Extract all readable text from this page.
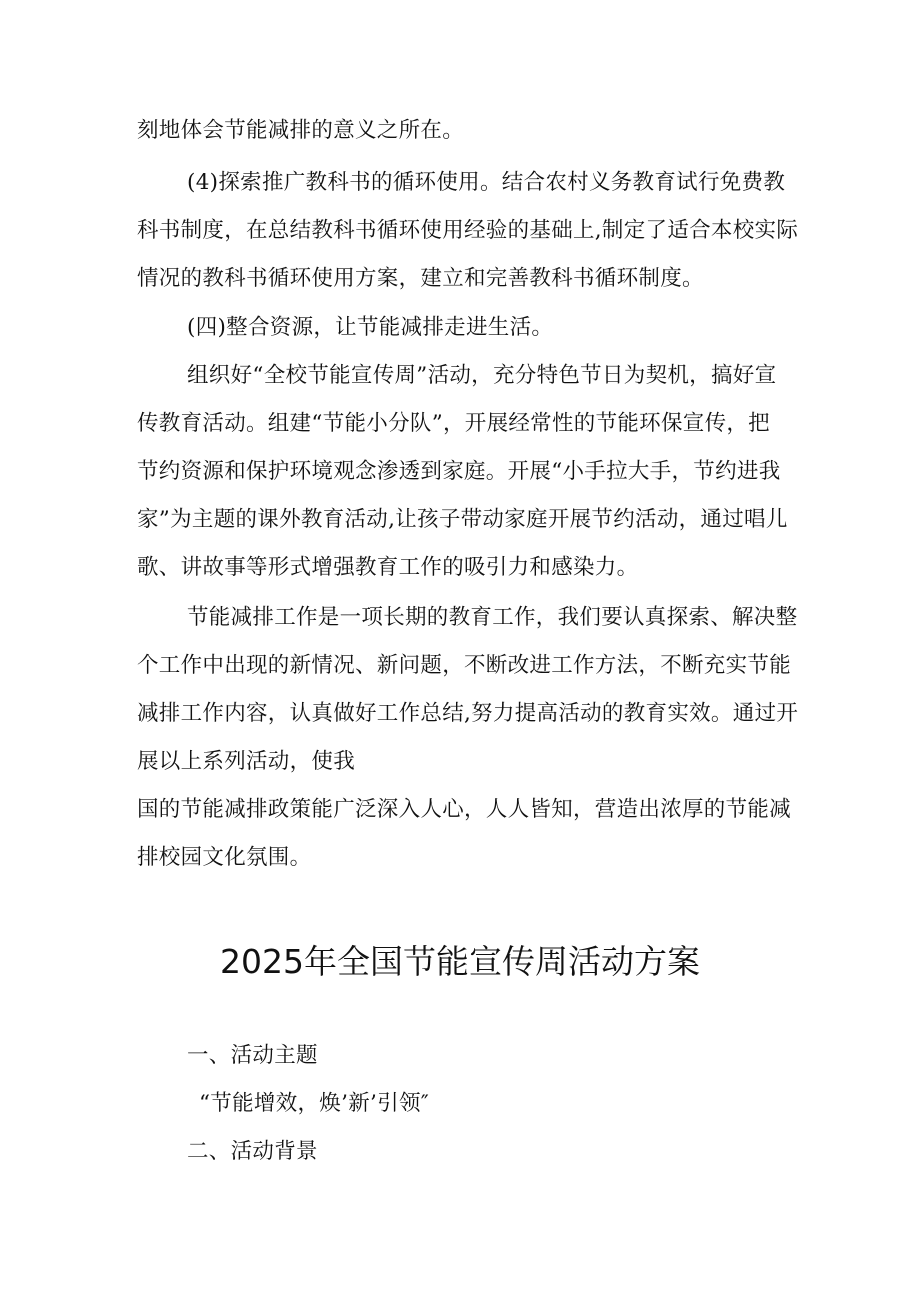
刻地体会节能减排的意义之所在。
(4)探索推广教科书的循环使用。结合农村义务教育试行免费教
科书制度，在总结教科书循环使用经验的基础上,制定了适合本校实际
情况的教科书循环使用方案，建立和完善教科书循环制度。
(四)整合资源，让节能减排走进生活。
组织好“全校节能宣传周”活动，充分特色节日为契机，搞好宣
传教育活动。组建“节能小分队”，开展经常性的节能环保宣传，把
节约资源和保护环境观念渗透到家庭。开展“小手拉大手，节约进我
家”为主题的课外教育活动,让孩子带动家庭开展节约活动，通过唱儿
歌、讲故事等形式增强教育工作的吸引力和感染力。
节能减排工作是一项长期的教育工作，我们要认真探索、解决整
个工作中出现的新情况、新问题，不断改进工作方法，不断充实节能
减排工作内容，认真做好工作总结,努力提高活动的教育实效。通过开
展以上系列活动，使我
国的节能减排政策能广泛深入人心，人人皆知，营造出浓厚的节能减
排校园文化氛围。
2025年全国节能宣传周活动方案
一、活动主题
“节能增效，焕’新’引领″
二、活动背景
